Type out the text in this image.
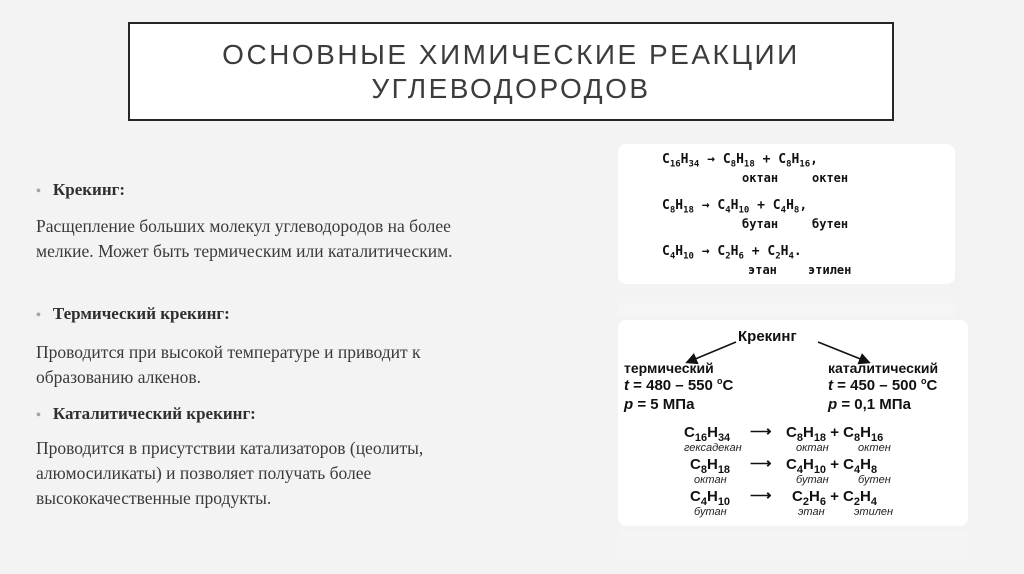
ОСНОВНЫЕ ХИМИЧЕСКИЕ РЕАКЦИИ
УГЛЕВОДОРОДОВ
• Крекинг:
Расщепление больших молекул углеводородов на более мелкие. Может быть термическим или каталитическим.
• Термический крекинг:
Проводится при высокой температуре и приводит к образованию алкенов.
• Каталитический крекинг:
Проводится в присутствии катализаторов (цеолиты, алюмосиликаты) и позволяет получать более высококачественные продукты.
$C_{16}H_{34} \to C_8H_{18} + C_8H_{16}$,
октан	октен
$C_8H_{18} \to C_4H_{10} + C_4H_8$,
бутан	бутен
$C_4H_{10} \to C_2H_6 + C_2H_4$.
этан	этилен
Крекинг
термический
t = 480 – 550 $^o$C
p = 5 МПа
каталитический
t = 450 – 500 $^o$C
p = 0,1 МПа
$C_{16}H_{34}$
гексадекан
⟶ $C_8H_{18} + C_8H_{16}$
октан	октен
$C_8H_{18}$
октан
⟶ $C_4H_{10} + C_4H_8$
бутан	бутен
$C_4H_{10}$
бутан
⟶ $C_2H_6 + C_2H_4$
этан	этилен
